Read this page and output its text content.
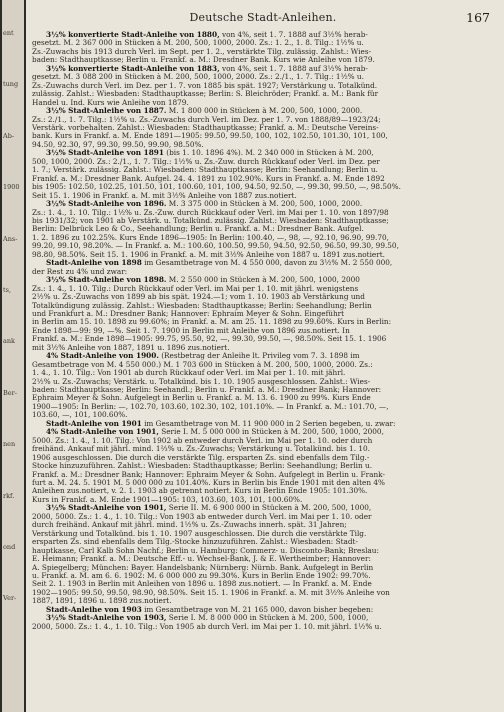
ent
tung
Ab-
1900
Ans-
ts,
ank
Ber-
nen
rkf.
ond
Ver-
Deutsche Stadt-Anleihen.	167
3½% konvertierte Stadt-Anleihe von 1880, von 4%, seit 1. 7. 1888 auf 3½% herab-
gesetzt. M. 2 367 000 in Stücken à M. 200, 500, 1000, 2000. Zs.: 1. 2., 1. 8. Tilg.: 1½% u.
Zs.-Zuwachs bis 1913 durch Verl. im Sept. per 1. 2., verstärkte Tilg. zulässig. Zahlst.: Wies-
baden: Stadthauptkasse; Berlin u. Frankf. a. M.: Dresdner Bank. Kurs wie Anleihe von 1879.
3½% konvertierte Stadt-Anleihe von 1883, von 4%, seit 1. 7. 1888 auf 3½% herab-
gesetzt. M. 3 088 200 in Stücken à M. 200, 500, 1000, 2000. Zs.: 2./1., 1. 7. Tilg.: 1½% u.
Zs.-Zuwachs durch Verl. im Dez. per 1. 7. von 1885 bis spät. 1927; Verstärkung u. Totalkünd.
zulässig. Zahlst.: Wiesbaden: Stadthauptkasse; Berlin: S. Bleichröder; Frankf. a. M.: Bank für
Handel u. Ind. Kurs wie Anleihe von 1879.
3½% Stadt-Anleihe von 1887. M. 1 800 000 in Stücken à M. 200, 500, 1000, 2000.
Zs.: 2./1., 1. 7. Tilg.: 1½% u. Zs.-Zuwachs durch Verl. im Dez. per 1. 7. von 1888/89—1923/24;
Verstärk. vorbehalten. Zahlst.: Wiesbaden: Stadthauptkasse; Frankf. a. M.: Deutsche Vereins-
bank. Kurs in Frankf. a. M. Ende 1891—1905: 99.50, 99.50, 100, 102, 102.50, 101.30, 101, 100,
94.50, 92.30, 97, 99.30, 99.50, 99.90, 98.50%.
3½% Stadt-Anleihe von 1891 (bis 1. 10. 1896 4%). M. 2 340 000 in Stücken à M. 200,
500, 1000, 2000. Zs.: 2./1., 1. 7. Tilg.: 1½% u. Zs.-Zuw. durch Rückkauf oder Verl. im Dez. per
1. 7.; Verstärk. zulässig. Zahlst.: Wiesbaden: Stadthauptkasse; Berlin: Seehandlung; Berlin u.
Frankf. a. M.: Dresdner Bank. Aufgel. 24. 4. 1891 zu 102.90%. Kurs in Frankf. a. M. Ende 1892
bis 1905: 102.50, 102.25, 101.50, 101, 100.60, 101, 100, 94.50, 92.50, —, 99.30, 99.50, —, 98.50%.
Seit 15. 1. 1906 in Frankf. a. M. mit 3½% Anleihe von 1887 zus.notiert.
3½% Stadt-Anleihe von 1896. M. 3 375 000 in Stücken à M. 200, 500, 1000, 2000.
Zs.: 1. 4., 1. 10. Tilg.: 1½% u. Zs.-Zuw. durch Rückkauf oder Verl. im Mai per 1. 10. von 1897/98
bis 1931/32; von 1901 ab Verstärk. u. Totalkünd. zulässig. Zahlst.: Wiesbaden: Stadthauptkasse;
Berlin: Delbrück Leo & Co., Seehandlung; Berlin u. Frankf. a. M.: Dresdner Bank. Aufgel.
1. 2. 1896 zu 102.25%. Kurs Ende 1896—1905: In Berlin: 100.40, —, 98, —, 92.10, 96.90, 99.70,
99.20, 99.10, 98.20%. — In Frankf. a. M.: 100.60, 100.50, 99.50, 94.50, 92.50, 96.50, 99.30, 99.50,
98.80, 98.50%. Seit 15. 1. 1906 in Frankf. a. M. mit 3½% Anleihe von 1887 u. 1891 zus.notiert.
Stadt-Anleihe von 1898 im Gesamtbetrage von M. 4 550 000, davon zu 3½% M. 2 550 000,
der Rest zu 4% und zwar:
3½% Stadt-Anleihe von 1898. M. 2 550 000 in Stücken à M. 200, 500, 1000, 2000
Zs.: 1. 4., 1. 10. Tilg.: Durch Rückkauf oder Verl. im Mai per 1. 10. mit jährl. wenigstens
2½% u. Zs.-Zuwachs von 1899 ab bis spät. 1924.—1; vom 1. 10. 1903 ab Verstärkung und
Totalkündigung zulässig. Zahlst.: Wiesbaden: Stadthauptkasse; Berlin: Seehandlung; Berlin
und Frankfurt a. M.: Dresdner Bank; Hannover: Ephraim Meyer & Sohn. Eingeführt
in Berlin am 15. 10. 1898 zu 99.60%; in Frankf. a. M. am 25. 11. 1898 zu 99.60%. Kurs in Berlin:
Ende 1898—99: 99, —%. Seit 1. 7. 1900 in Berlin mit Anleihe von 1896 zus.notiert. In
Frankf. a. M.: Ende 1898—1905: 99.75, 95.50, 92, —, 99.30, 99.50, —, 98.50%. Seit 15. 1. 1906
mit 3½% Anleihe von 1887, 1891 u. 1896 zus.notiert.
4% Stadt-Anleihe von 1900. (Restbetrag der Anleihe lt. Privileg vom 7. 3. 1898 im
Gesamtbetrage von M. 4 550 000.) M. 1 703 600 in Stücken à M. 200, 500, 1000, 2000. Zs.:
1. 4., 1. 10. Tilg.: Von 1901 ab durch Rückkauf oder Verl. im Mai per 1. 10. mit jährl.
2½% u. Zs.-Zuwachs; Verstärk. u. Totalkünd. bis 1. 10. 1905 ausgeschlossen. Zahlst.: Wies-
baden: Stadthauptkasse; Berlin: Seehandl.; Berlin u. Frankf. a. M.: Dresdner Bank; Hannover:
Ephraim Meyer & Sohn. Aufgelegt in Berlin u. Frankf. a. M. 13. 6. 1900 zu 99%. Kurs Ende
1900—1905: In Berlin: —, 102.70, 103.60, 102.30, 102, 101.10%. — In Frankf. a. M.: 101.70, —,
103.60, —, 101, 100.60%.
Stadt-Anleihe von 1901 im Gesamtbetrage von M. 11 900 000 in 2 Serien begeben, u. zwar:
4% Stadt-Anleihe von 1901, Serie I. M. 5 000 000 in Stücken à M. 200, 500, 1000, 2000,
5000. Zs.: 1. 4., 1. 10. Tilg.: Von 1902 ab entweder durch Verl. im Mai per 1. 10. oder durch
freihänd. Ankauf mit jährl. mind. 1⅔% u. Zs.-Zuwachs; Verstärkung u. Totalkünd. bis 1. 10.
1906 ausgeschlossen. Die durch die verstärkte Tilg. ersparten Zs. sind ebenfalls dem Tilg.-
Stocke hinzuzuführen. Zahlst.: Wiesbaden: Stadthauptkasse; Berlin: Seehandlung; Berlin u.
Frankf. a. M.: Dresdner Bank; Hannover: Ephraim Meyer & Sohn. Aufgelegt in Berlin u. Frank-
furt a. M. 24. 5. 1901 M. 5 000 000 zu 101.40%. Kurs in Berlin bis Ende 1901 mit den alten 4%
Anleihen zus.notiert, v. 2. 1. 1903 ab getrennt notiert. Kurs in Berlin Ende 1905: 101.30%.
Kurs in Frankf. a. M. Ende 1901—1905: 103, 103.60, 103, 101, 100.60%.
3½% Stadt-Anleihe von 1901, Serie II. M. 6 900 000 in Stücken à M. 200, 500, 1000,
2000, 5000. Zs.: 1. 4., 1. 10. Tilg.: Von 1903 ab entweder durch Verl. im Mai per 1. 10. oder
durch freihänd. Ankauf mit jährl. mind. 1½% u. Zs.-Zuwachs innerh. spät. 31 Jahren;
Verstärkung und Totalkünd. bis 1. 10. 1907 ausgeschlossen. Die durch die verstärkte Tilg.
ersparten Zs. sind ebenfalls dem Tilg.-Stocke hinzuzuführen. Zahlst.: Wiesbaden: Stadt-
hauptkasse, Carl Kalb Sohn Nachf.; Berlin u. Hamburg: Commerz- u. Disconto-Bank; Breslau:
E. Heimann; Frankf. a. M.: Deutsche Eff.- u. Wechsel-Bank, J. & E. Wertheimber; Hannover:
A. Spiegelberg; München: Bayer. Handelsbank; Nürnberg: Nürnb. Bank. Aufgelegt in Berlin
u. Frankf. a. M. am 6. 6. 1902: M. 6 000 000 zu 99.30%. Kurs in Berlin Ende 1902: 99.70%.
Seit 2. 1. 1903 in Berlin mit Anleihen von 1896 u. 1898 zus.notiert. — In Frankf. a. M. Ende
1902—1905: 99.50, 99.50, 98.90, 98.50%. Seit 15. 1. 1906 in Frankf. a. M. mit 3½% Anleihe von
1887, 1891, 1896 u. 1898 zus.notiert.
Stadt-Anleihe von 1903 im Gesamtbetrage von M. 21 165 000, davon bisher begeben:
3½% Stadt-Anleihe von 1903, Serie I. M. 8 000 000 in Stücken à M. 200, 500, 1000,
2000, 5000. Zs.: 1. 4., 1. 10. Tilg.: Von 1905 ab durch Verl. im Mai per 1. 10. mit jährl. 1½% u.
